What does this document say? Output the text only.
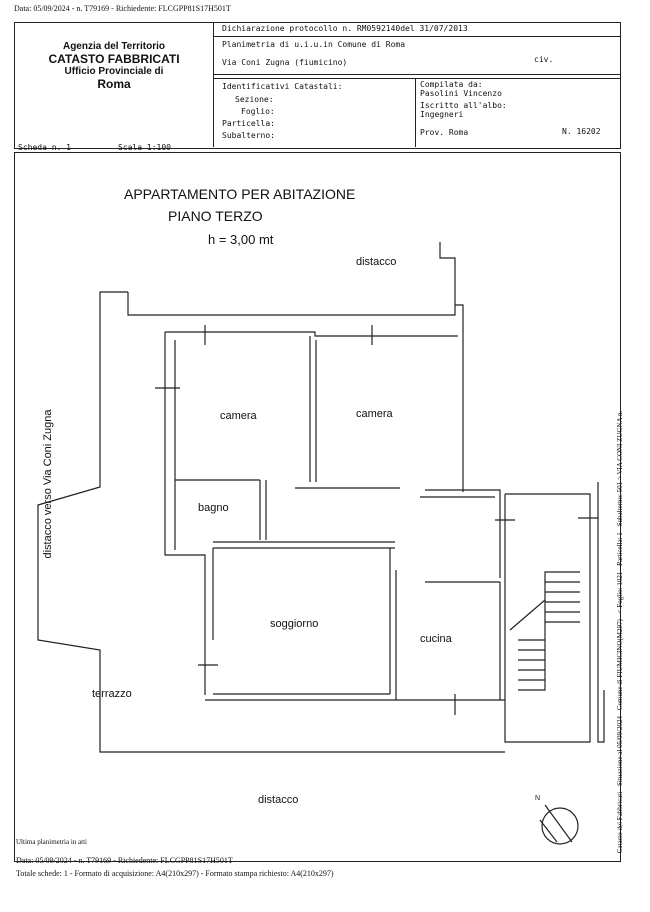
Data: 05/09/2024 - n. T79169 - Richiedente: FLCGPP81S17H501T
Agenzia del Territorio
CATASTO FABBRICATI
Ufficio Provinciale di
Roma
Dichiarazione protocollo n. RM0592140del 31/07/2013
Planimetria di u.i.u.in Comune di Roma
Via Coni Zugna (fiumicino)	civ.
Identificativi Catastali:
Sezione:
Foglio:
Particella:
Subalterno:
Compilata da:
Pasolini Vincenzo
Iscritto all'albo:
Ingegneri
Prov. Roma	N. 16202
Scheda n. 1	Scala 1:100
APPARTAMENTO PER ABITAZIONE
PIANO TERZO
h = 3,00 mt
distacco
camera	camera
bagno
soggiorno
cucina
terrazzo
distacco
distacco verso Via Coni Zugna
N	Catasto dei Fabbricati - Situazione al 05/09/2024 - Comune di FIUMICINO(M297) - < Foglio: 1021 - Particella: 1 - Subalterno: 501 > VIA CONI ZUGNA n.
Ultima planimetria in atti
Data: 05/09/2024 - n. T79169 - Richiedente: FLCGPP81S17H501T
Totale schede: 1 - Formato di acquisizione: A4(210x297) - Formato stampa richiesto: A4(210x297)
